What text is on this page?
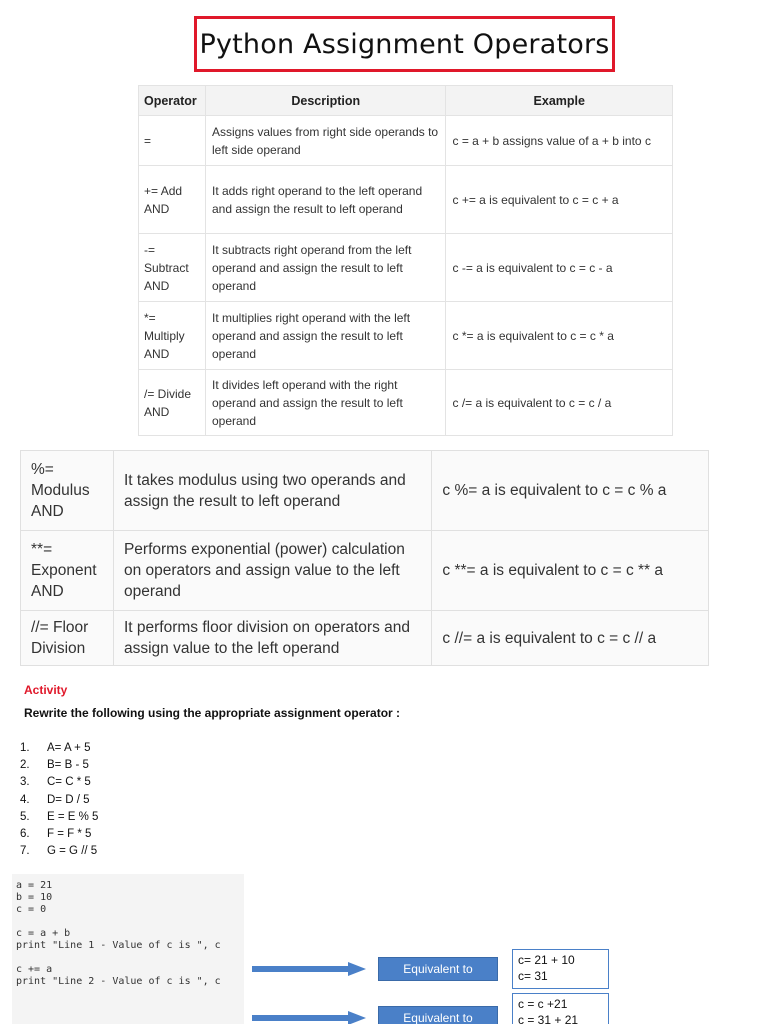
Python Assignment Operators
Operator	Description	Example
=	Assigns values from right side operands to left side operand	c = a + b assigns value of a + b into c
+= Add AND	It adds right operand to the left operand and assign the result to left operand	c += a is equivalent to c = c + a
-= Subtract AND	It subtracts right operand from the left operand and assign the result to left operand	c -= a is equivalent to c = c - a
*= Multiply AND	It multiplies right operand with the left operand and assign the result to left operand	c *= a is equivalent to c = c * a
/= Divide AND	It divides left operand with the right operand and assign the result to left operand	c /= a is equivalent to c = c / a
%= Modulus AND	It takes modulus using two operands and assign the result to left operand	c %= a is equivalent to c = c % a
**= Exponent AND	Performs exponential (power) calculation on operators and assign value to the left operand	c **= a is equivalent to c = c ** a
//= Floor Division	It performs floor division on operators and assign value to the left operand	c //= a is equivalent to c = c // a
Activity
Rewrite the following using the appropriate assignment operator :
1.	A= A + 5
2.	B= B - 5
3.	C= C * 5
4.	D= D / 5
5.	E = E % 5
6.	F = F * 5
7.	G = G // 5
a = 21
b = 10
c = 0
c = a + b
print "Line 1 - Value of c is ", c
c += a
print "Line 2 - Value of c is ", c
Equivalent to
c= 21 + 10
c= 31
Equivalent to
c = c +21
c = 31 + 21
